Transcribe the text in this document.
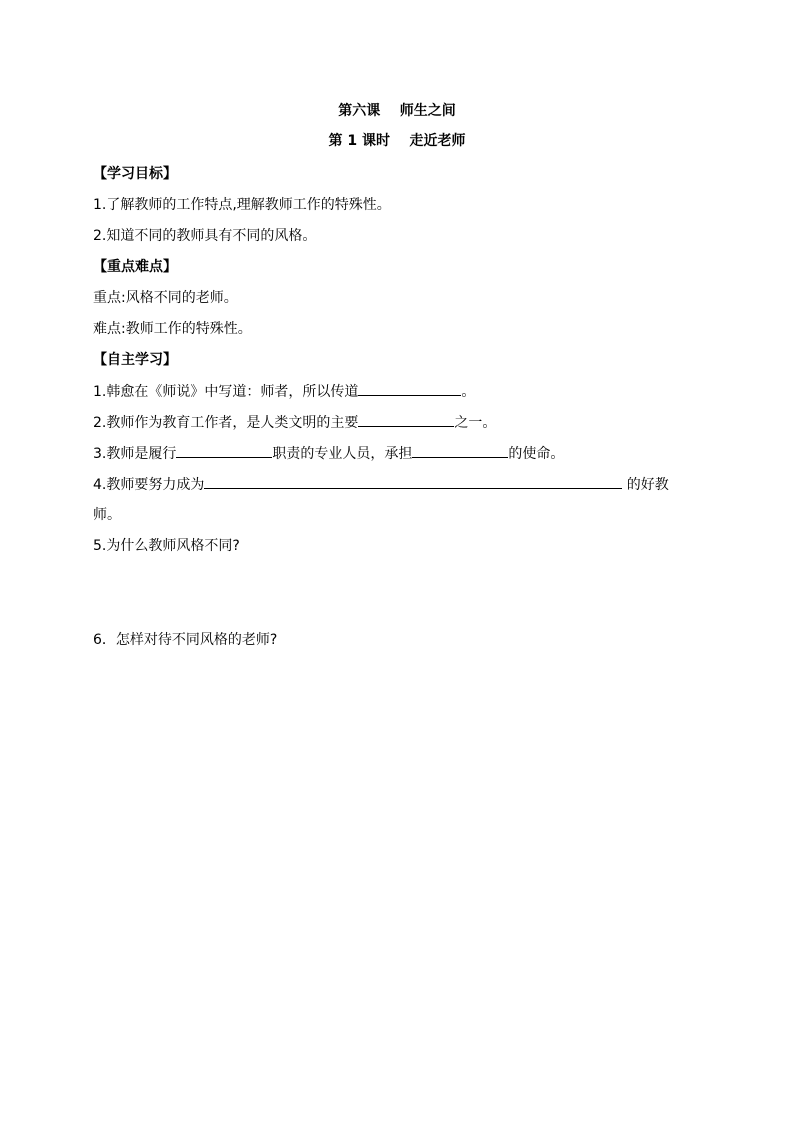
第六课    师生之间
第 1 课时    走近老师
【学习目标】
1.了解教师的工作特点,理解教师工作的特殊性。
2.知道不同的教师具有不同的风格。
【重点难点】
重点:风格不同的老师。
难点:教师工作的特殊性。
【自主学习】
1.韩愈在《师说》中写道：师者，所以传道	。
2.教师作为教育工作者，是人类文明的主要	之一。
3.教师是履行	职责的专业人员，承担	的使命。
4.教师要努力成为	的好教
师。
5.为什么教师风格不同?
6．怎样对待不同风格的老师?
